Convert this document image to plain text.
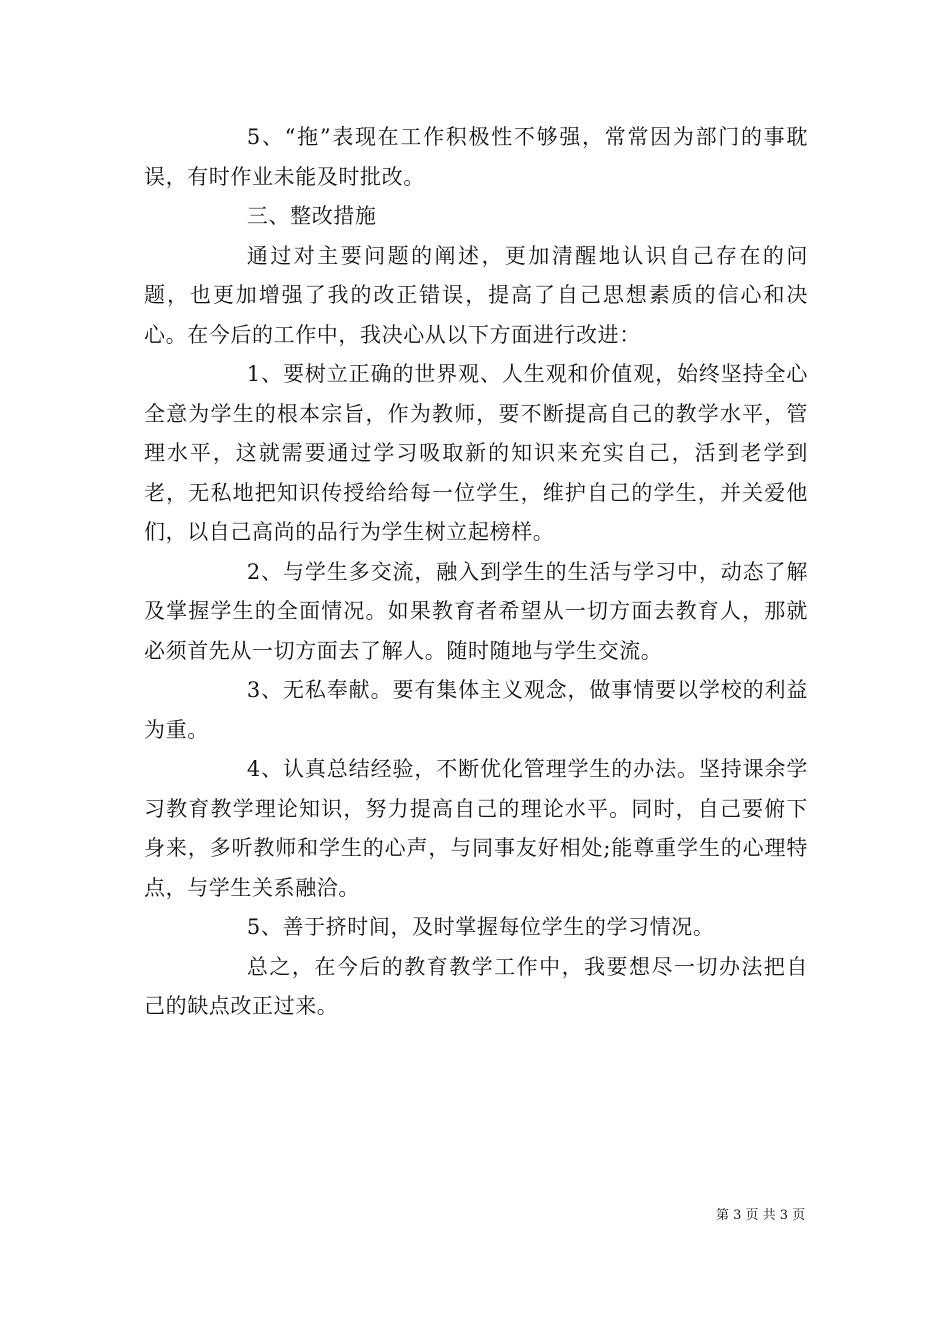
5、“拖”表现在工作积极性不够强，常常因为部门的事耽误，有时作业未能及时批改。

三、整改措施

通过对主要问题的阐述，更加清醒地认识自己存在的问题，也更加增强了我的改正错误，提高了自己思想素质的信心和决心。在今后的工作中，我决心从以下方面进行改进：

1、要树立正确的世界观、人生观和价值观，始终坚持全心全意为学生的根本宗旨，作为教师，要不断提高自己的教学水平，管理水平，这就需要通过学习吸取新的知识来充实自己，活到老学到老，无私地把知识传授给给每一位学生，维护自己的学生，并关爱他们，以自己高尚的品行为学生树立起榜样。

2、与学生多交流，融入到学生的生活与学习中，动态了解及掌握学生的全面情况。如果教育者希望从一切方面去教育人，那就必须首先从一切方面去了解人。随时随地与学生交流。

3、无私奉献。要有集体主义观念，做事情要以学校的利益为重。

4、认真总结经验，不断优化管理学生的办法。坚持课余学习教育教学理论知识，努力提高自己的理论水平。同时，自己要俯下身来，多听教师和学生的心声，与同事友好相处;能尊重学生的心理特点，与学生关系融洽。

5、善于挤时间，及时掌握每位学生的学习情况。

总之，在今后的教育教学工作中，我要想尽一切办法把自己的缺点改正过来。

第 3 页 共 3 页
